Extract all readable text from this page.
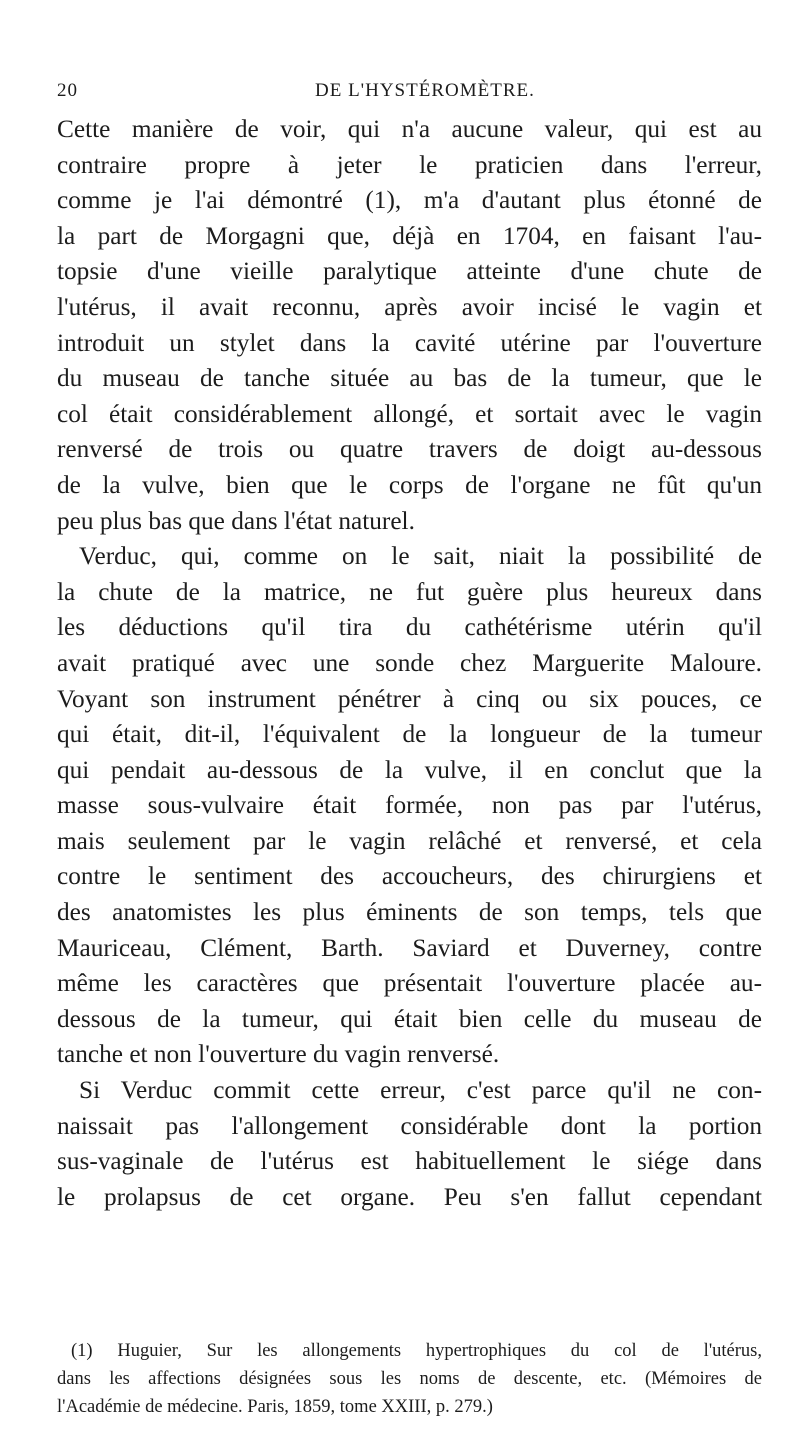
20	DE L'HYSTÉROMÈTRE.
Cette manière de voir, qui n'a aucune valeur, qui est au
contraire propre à jeter le praticien dans l'erreur,
comme je l'ai démontré (1), m'a d'autant plus étonné de
la part de Morgagni que, déjà en 1704, en faisant l'au-
topsie d'une vieille paralytique atteinte d'une chute de
l'utérus, il avait reconnu, après avoir incisé le vagin et
introduit un stylet dans la cavité utérine par l'ouverture
du museau de tanche située au bas de la tumeur, que le
col était considérablement allongé, et sortait avec le vagin
renversé de trois ou quatre travers de doigt au-dessous
de la vulve, bien que le corps de l'organe ne fût qu'un
peu plus bas que dans l'état naturel.
Verduc, qui, comme on le sait, niait la possibilité de
la chute de la matrice, ne fut guère plus heureux dans
les déductions qu'il tira du cathétérisme utérin qu'il
avait pratiqué avec une sonde chez Marguerite Maloure.
Voyant son instrument pénétrer à cinq ou six pouces, ce
qui était, dit-il, l'équivalent de la longueur de la tumeur
qui pendait au-dessous de la vulve, il en conclut que la
masse sous-vulvaire était formée, non pas par l'utérus,
mais seulement par le vagin relâché et renversé, et cela
contre le sentiment des accoucheurs, des chirurgiens et
des anatomistes les plus éminents de son temps, tels que
Mauriceau, Clément, Barth. Saviard et Duverney, contre
même les caractères que présentait l'ouverture placée au-
dessous de la tumeur, qui était bien celle du museau de
tanche et non l'ouverture du vagin renversé.
Si Verduc commit cette erreur, c'est parce qu'il ne con-
naissait pas l'allongement considérable dont la portion
sus-vaginale de l'utérus est habituellement le siége dans
le prolapsus de cet organe. Peu s'en fallut cependant
(1) Huguier, Sur les allongements hypertrophiques du col de l'utérus,
dans les affections désignées sous les noms de descente, etc. (Mémoires de
l'Académie de médecine. Paris, 1859, tome XXIII, p. 279.)
